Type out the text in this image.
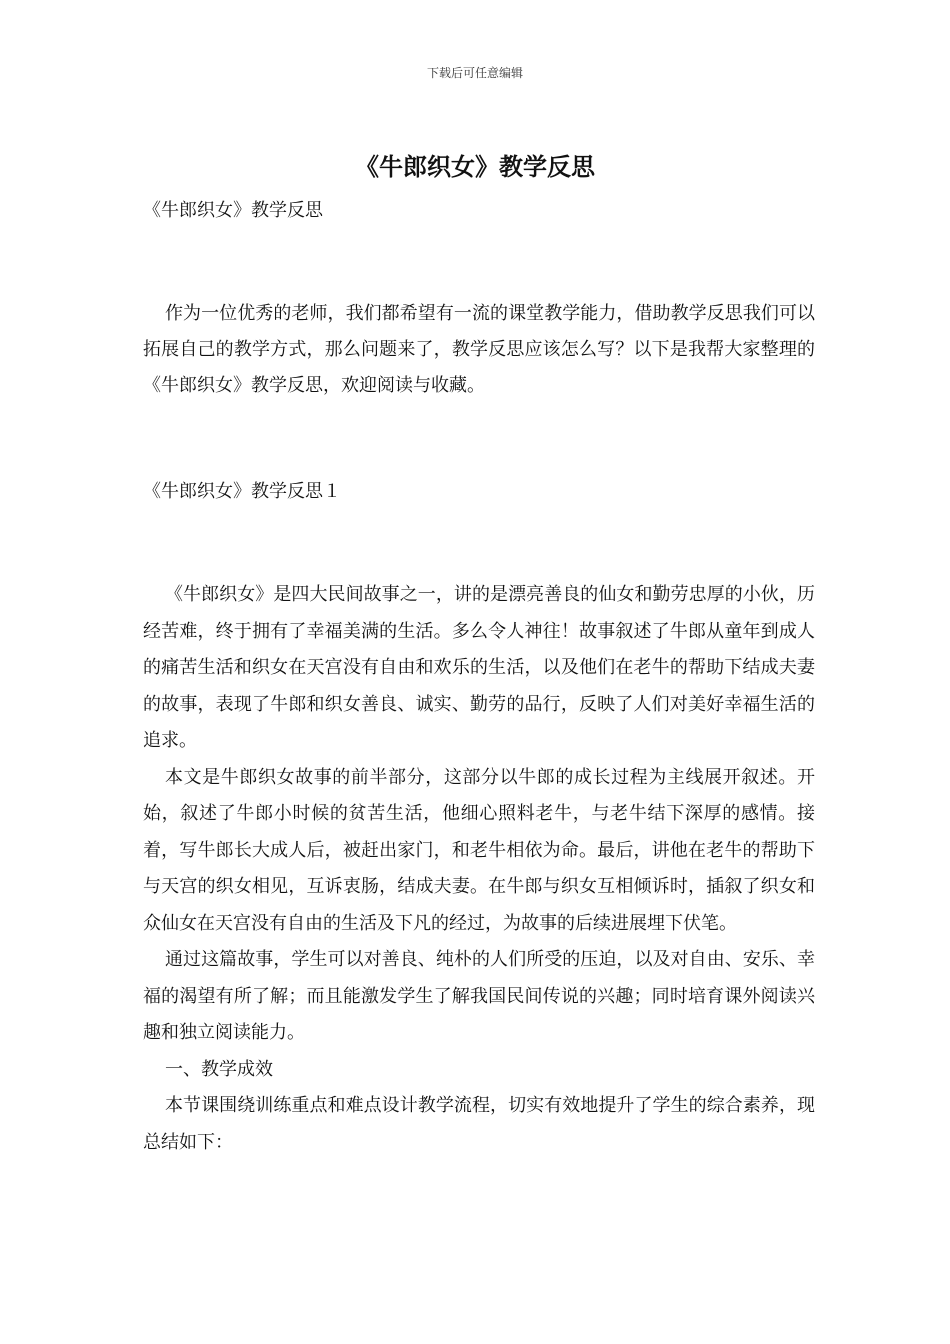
下载后可任意编辑
《牛郎织女》教学反思

《牛郎织女》教学反思

作为一位优秀的老师，我们都希望有一流的课堂教学能力，借助教学反思我们可以拓展自己的教学方式，那么问题来了，教学反思应该怎么写？以下是我帮大家整理的《牛郎织女》教学反思，欢迎阅读与收藏。

《牛郎织女》教学反思１

《牛郎织女》是四大民间故事之一，讲的是漂亮善良的仙女和勤劳忠厚的小伙，历经苦难，终于拥有了幸福美满的生活。多么令人神往！故事叙述了牛郎从童年到成人的痛苦生活和织女在天宫没有自由和欢乐的生活，以及他们在老牛的帮助下结成夫妻的故事，表现了牛郎和织女善良、诚实、勤劳的品行，反映了人们对美好幸福生活的追求。

本文是牛郎织女故事的前半部分，这部分以牛郎的成长过程为主线展开叙述。开始，叙述了牛郎小时候的贫苦生活，他细心照料老牛，与老牛结下深厚的感情。接着，写牛郎长大成人后，被赶出家门，和老牛相依为命。最后，讲他在老牛的帮助下与天宫的织女相见，互诉衷肠，结成夫妻。在牛郎与织女互相倾诉时，插叙了织女和众仙女在天宫没有自由的生活及下凡的经过，为故事的后续进展埋下伏笔。

通过这篇故事，学生可以对善良、纯朴的人们所受的压迫，以及对自由、安乐、幸福的渴望有所了解；而且能激发学生了解我国民间传说的兴趣；同时培育课外阅读兴趣和独立阅读能力。

一、教学成效

本节课围绕训练重点和难点设计教学流程，切实有效地提升了学生的综合素养，现总结如下：
